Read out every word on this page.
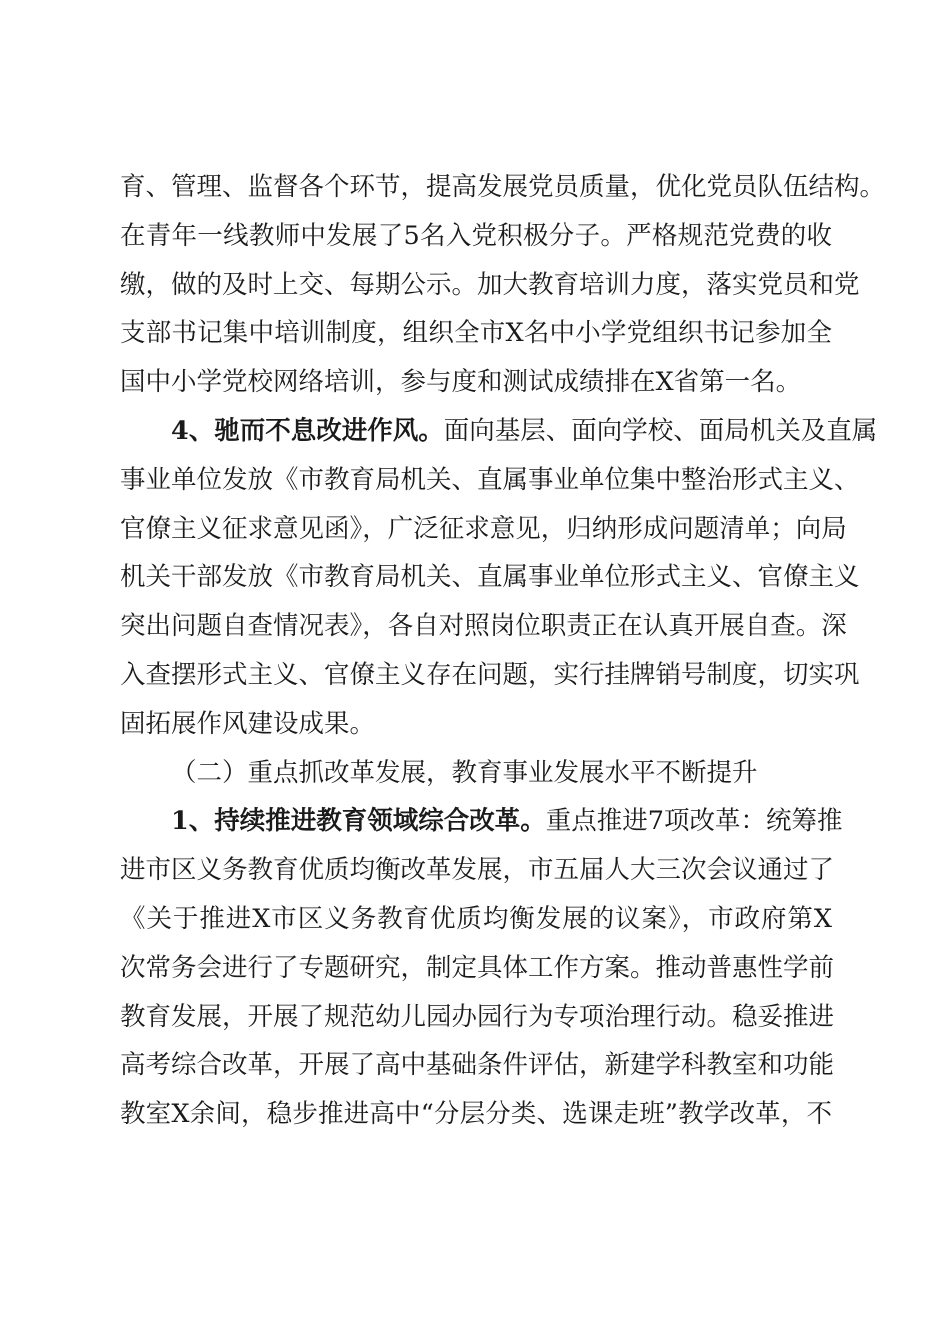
育、管理、监督各个环节，提高发展党员质量，优化党员队伍结构。
在青年一线教师中发展了5名入党积极分子。严格规范党费的收
缴，做的及时上交、每期公示。加大教育培训力度，落实党员和党
支部书记集中培训制度，组织全市X名中小学党组织书记参加全
国中小学党校网络培训，参与度和测试成绩排在X省第一名。
4、驰而不息改进作风。面向基层、面向学校、面局机关及直属
事业单位发放《市教育局机关、直属事业单位集中整治形式主义、
官僚主义征求意见函》，广泛征求意见，归纳形成问题清单；向局
机关干部发放《市教育局机关、直属事业单位形式主义、官僚主义
突出问题自查情况表》，各自对照岗位职责正在认真开展自查。深
入查摆形式主义、官僚主义存在问题，实行挂牌销号制度，切实巩
固拓展作风建设成果。
（二）重点抓改革发展，教育事业发展水平不断提升
1、持续推进教育领域综合改革。重点推进7项改革：统筹推
进市区义务教育优质均衡改革发展，市五届人大三次会议通过了
《关于推进X市区义务教育优质均衡发展的议案》，市政府第X
次常务会进行了专题研究，制定具体工作方案。推动普惠性学前
教育发展，开展了规范幼儿园办园行为专项治理行动。稳妥推进
高考综合改革，开展了高中基础条件评估，新建学科教室和功能
教室X余间，稳步推进高中“分层分类、选课走班”教学改革，不
